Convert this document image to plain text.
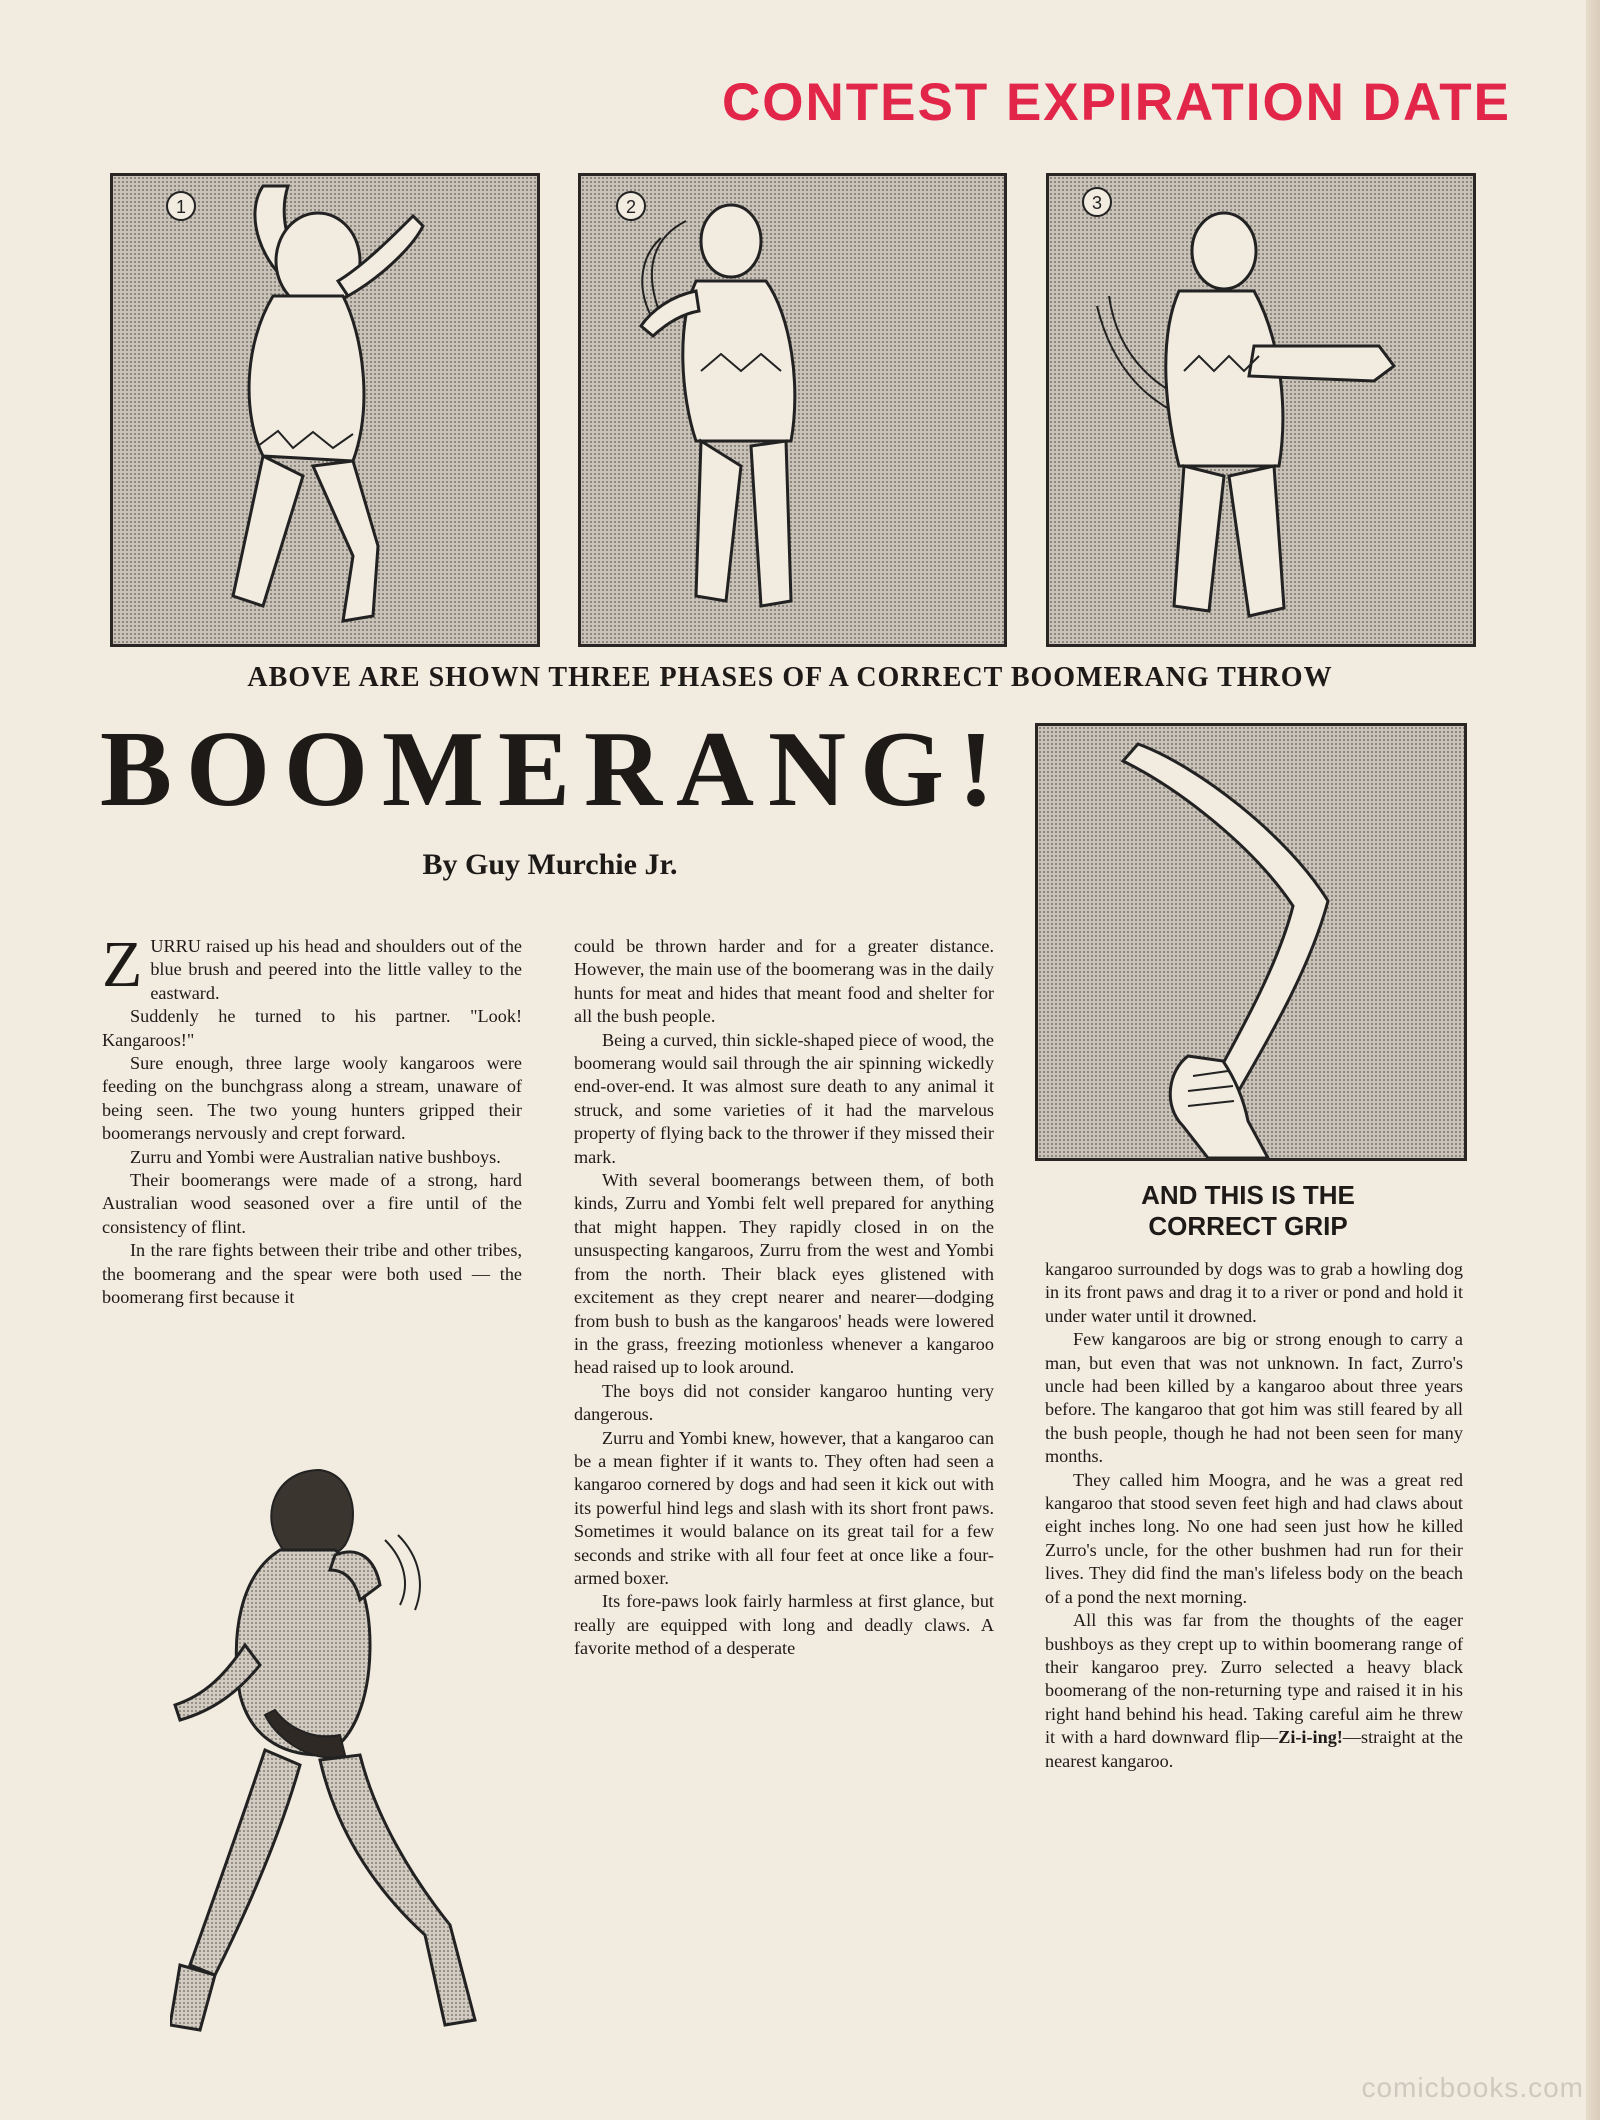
CONTEST EXPIRATION DATE
1	2	3
ABOVE ARE SHOWN THREE PHASES OF A CORRECT BOOMERANG THROW
BOOMERANG!
By Guy Murchie Jr.
AND THIS IS THE
CORRECT GRIP

ZURRU raised up his head and shoulders out of the blue brush and peered into the little valley to the eastward.

Suddenly he turned to his partner. "Look! Kangaroos!"

Sure enough, three large wooly kangaroos were feeding on the bunchgrass along a stream, unaware of being seen. The two young hunters gripped their boomerangs nervously and crept forward.

Zurru and Yombi were Australian native bushboys.

Their boomerangs were made of a strong, hard Australian wood seasoned over a fire until of the consistency of flint.

In the rare fights between their tribe and other tribes, the boomerang and the spear were both used — the boomerang first because it

could be thrown harder and for a greater distance. However, the main use of the boomerang was in the daily hunts for meat and hides that meant food and shelter for all the bush people.

Being a curved, thin sickle-shaped piece of wood, the boomerang would sail through the air spinning wickedly end-over-end. It was almost sure death to any animal it struck, and some varieties of it had the marvelous property of flying back to the thrower if they missed their mark.

With several boomerangs between them, of both kinds, Zurru and Yombi felt well prepared for anything that might happen. They rapidly closed in on the unsuspecting kangaroos, Zurru from the west and Yombi from the north. Their black eyes glistened with excitement as they crept nearer and nearer—dodging from bush to bush as the kangaroos' heads were lowered in the grass, freezing motionless whenever a kangaroo head raised up to look around.

The boys did not consider kangaroo hunting very dangerous.

Zurru and Yombi knew, however, that a kangaroo can be a mean fighter if it wants to. They often had seen a kangaroo cornered by dogs and had seen it kick out with its powerful hind legs and slash with its short front paws. Sometimes it would balance on its great tail for a few seconds and strike with all four feet at once like a four-armed boxer.

Its fore-paws look fairly harmless at first glance, but really are equipped with long and deadly claws. A favorite method of a desperate

kangaroo surrounded by dogs was to grab a howling dog in its front paws and drag it to a river or pond and hold it under water until it drowned.

Few kangaroos are big or strong enough to carry a man, but even that was not unknown. In fact, Zurro's uncle had been killed by a kangaroo about three years before. The kangaroo that got him was still feared by all the bush people, though he had not been seen for many months.

They called him Moogra, and he was a great red kangaroo that stood seven feet high and had claws about eight inches long. No one had seen just how he killed Zurro's uncle, for the other bushmen had run for their lives. They did find the man's lifeless body on the beach of a pond the next morning.

All this was far from the thoughts of the eager bushboys as they crept up to within boomerang range of their kangaroo prey. Zurro selected a heavy black boomerang of the non-returning type and raised it in his right hand behind his head. Taking careful aim he threw it with a hard downward flip—Zi-i-ing!—straight at the nearest kangaroo.

comicbooks.com
